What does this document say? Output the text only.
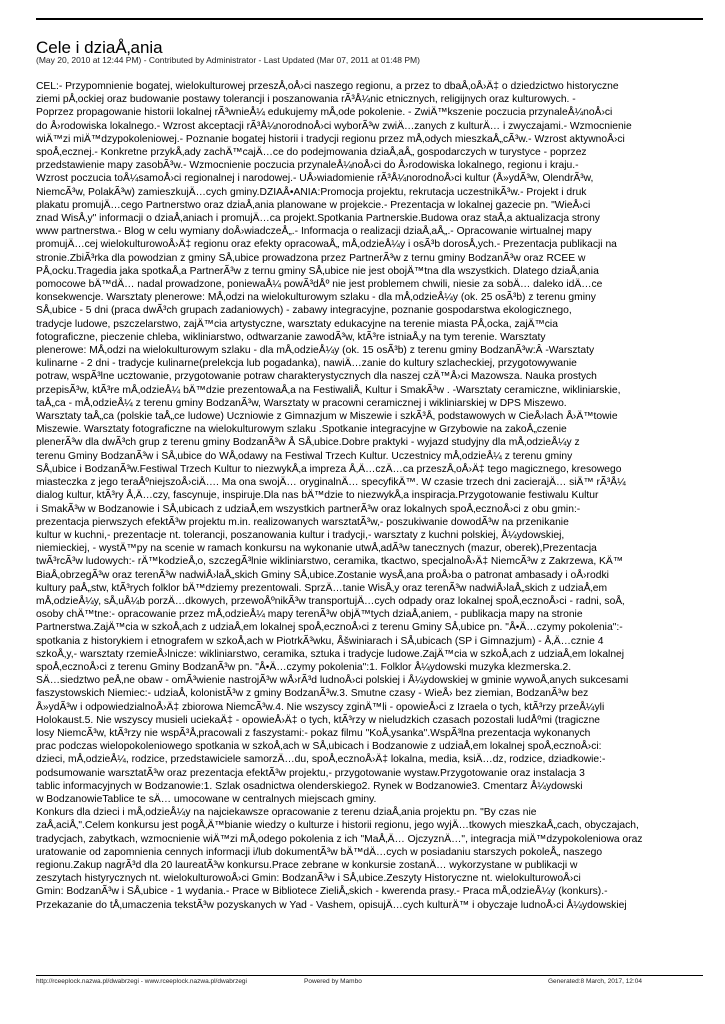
Cele i dziaÅ‚ania
(May 20, 2010 at 12:44 PM) - Contributed by Administrator - Last Updated (Mar 07, 2011 at 01:48 PM)

CEL:- Przypomnienie bogatej, wielokulturowej przeszÅ‚oÅ›ci naszego regionu, a przez to dbaÅ‚oÅ›Ä‡ o dziedzictwo historyczne

ziemi pÅ‚ockiej oraz budowanie postawy tolerancji i poszanowania rÃ³Å¼nic etnicznych, religijnych oraz kulturowych. -

Poprzez propagowanie historii lokalnej rÃ³wnieÅ¼ edukujemy mÅ‚ode pokolenie. - ZwiÄ™kszenie poczucia przynaleÅ¼noÅ›ci

do Å›rodowiska lokalnego.- Wzrost akceptacji rÃ³Å¼norodnoÅ›ci wyborÃ³w zwiÄ…zanych z kulturÄ… i zwyczajami.- Wzmocnienie

wiÄ™zi miÄ™dzypokoleniowej.- Poznanie bogatej historii i tradycji regionu przez mÅ‚odych mieszkaÅ„cÃ³w.- Wzrost aktywnoÅ›ci

spoÅ‚ecznej.- Konkretne przykÅ‚ady zachÄ™cajÄ…ce do podejmowania dziaÅ‚aÅ„ gospodarczych w turystyce - poprzez

przedstawienie mapy zasobÃ³w.- Wzmocnienie poczucia przynaleÅ¼noÅ›ci do Å›rodowiska lokalnego, regionu i kraju.-

Wzrost poczucia toÅ¼samoÅ›ci regionalnej i narodowej.- UÅ›wiadomienie rÃ³Å¼norodnoÅ›ci kultur (Å»ydÃ³w, OlendrÃ³w,

NiemcÃ³w, PolakÃ³w) zamieszkujÄ…cych gminy.DZIAÅ•ANIA:Promocja projektu, rekrutacja uczestnikÃ³w.- Projekt i druk

plakatu promujÄ…cego Partnerstwo oraz dziaÅ‚ania planowane w projekcie.- Prezentacja w lokalnej gazecie pn. "WieÅ›ci

znad WisÅ‚y" informacji o dziaÅ‚aniach i promujÄ…ca projekt.Spotkania Partnerskie.Budowa oraz staÅ‚a aktualizacja strony

www partnerstwa.- Blog w celu wymiany doÅ›wiadczeÅ„.- Informacja o realizacji dziaÅ‚aÅ„.- Opracowanie wirtualnej mapy

promujÄ…cej wielokulturowoÅ›Ä‡ regionu oraz efekty opracowaÅ„ mÅ‚odzieÅ¼y i osÃ³b dorosÅ‚ych.- Prezentacja publikacji na

stronie.ZbiÃ³rka dla powodzian z gminy SÅ‚ubice prowadzona przez PartnerÃ³w z ternu gminy BodzanÃ³w oraz RCEE w

PÅ‚ocku.Tragedia jaka spotkaÅ‚a PartnerÃ³w z ternu gminy SÅ‚ubice nie jest obojÄ™tna dla wszystkich. Dlatego dziaÅ‚ania

pomocowe bÄ™dÄ… nadal prowadzone, poniewaÅ¼ powÃ³dÅº nie jest problemem chwili, niesie za sobÄ… daleko idÄ…ce

konsekwencje. Warsztaty plenerowe: MÅ‚odzi na wielokulturowym szlaku - dla mÅ‚odzieÅ¼y (ok. 25 osÃ³b) z terenu gminy

SÅ‚ubice - 5 dni (praca dwÃ³ch grupach zadaniowych) - zabawy integracyjne, poznanie gospodarstwa ekologicznego,

tradycje ludowe, pszczelarstwo, zajÄ™cia artystyczne, warsztaty edukacyjne na terenie miasta PÅ‚ocka, zajÄ™cia

fotograficzne, pieczenie chleba, wikliniarstwo, odtwarzanie zawodÃ³w, ktÃ³re istniaÅ‚y na tym terenie. Warsztaty

plenerowe: MÅ‚odzi na wielokulturowym szlaku - dla mÅ‚odzieÅ¼y (ok. 15 osÃ³b) z terenu gminy BodzanÃ³w:Â -Warsztaty

kulinarne - 2 dni - tradycje kulinarne(prelekcja lub pogadanka), nawiÄ…zanie do kultury szlacheckiej, przygotowywanie

potraw, wspÃ³lne ucztowanie, przygotowanie potraw charakterystycznych dla naszej czÄ™Å›ci Mazowsza. Nauka prostych

przepisÃ³w, ktÃ³re mÅ‚odzieÅ¼ bÄ™dzie prezentowaÅ‚a na FestiwaliÅ‚ Kultur i SmakÃ³w . -Warsztaty ceramiczne, wikliniarskie,

taÅ„ca - mÅ‚odzieÅ¼ z terenu gminy BodzanÃ³w, Warsztaty w pracowni ceramicznej i wikliniarskiej w DPS Miszewo.

Warsztaty taÅ„ca (polskie taÅ„ce ludowe) Uczniowie z Gimnazjum w Miszewie i szkÃ³Å‚ podstawowych w CieÅ›lach Å›Ä™towie

Miszewie. Warsztaty fotograficzne na wielokulturowym szlaku .Spotkanie integracyjne w Grzybowie na zakoÅ„czenie

plenerÃ³w dla dwÃ³ch grup z terenu gminy BodzanÃ³w Å SÅ‚ubice.Dobre praktyki - wyjazd studyjny dla mÅ‚odzieÅ¼y z

terenu Gminy BodzanÃ³w i SÅ‚ubice do WÅ‚odawy na Festiwal Trzech Kultur. Uczestnicy mÅ‚odzieÅ¼ z terenu gminy

SÅ‚ubice i BodzanÃ³w.Festiwal Trzech Kultur to niezwykÅ‚a impreza Å‚Ä…czÄ…ca przeszÅ‚oÅ›Ä‡ tego magicznego, kresowego

miasteczka z jego teraÅºniejszoÅ›ciÄ…. Ma ona swojÄ… oryginalnÄ… specyfikÄ™. W czasie trzech dni zacierajÄ… siÄ™ rÃ³Å¼

dialog kultur, ktÃ³ry Å‚Ä…czy, fascynuje, inspiruje.Dla nas bÄ™dzie to niezwykÅ‚a inspiracja.Przygotowanie festiwalu Kultur

i SmakÃ³w w Bodzanowie i SÅ‚ubicach z udziaÅ‚em wszystkich partnerÃ³w oraz lokalnych spoÅ‚ecznoÅ›ci z obu gmin:-

prezentacja pierwszych efektÃ³w projektu m.in. realizowanych warsztatÃ³w,- poszukiwanie dowodÃ³w na przenikanie

kultur w kuchni,- prezentacje nt. tolerancji, poszanowania kultur i tradycji,- warsztaty z kuchni polskiej, Å¼ydowskiej,

niemieckiej, - wystÄ™py na scenie w ramach konkursu na wykonanie utwÅ‚adÃ³w tanecznych (mazur, oberek),Prezentacja

twÃ³rcÃ³w ludowych:- rÄ™kodzieÅ‚o, szczegÃ³lnie wikliniarstwo, ceramika, tkactwo, specjalnoÅ›Ä‡ NiemcÃ³w z Zakrzewa, KÄ™

BiaÅ‚obrzegÃ³w oraz terenÃ³w nadwiÅ›laÅ„skich Gminy SÅ‚ubice.Zostanie wysÅ‚ana proÅ›ba o patronat ambasady i oÅ›rodki

kultury paÅ„stw, ktÃ³rych folklor bÄ™dziemy prezentowali. SprzÄ…tanie WisÅ‚y oraz terenÃ³w nadwiÅ›laÅ„skich z udziaÅ‚em

mÅ‚odzieÅ¼y, sÅ‚uÅ¼b porzÄ…dkowych, przewoÅºnikÃ³w transportujÄ…cych odpady oraz lokalnej spoÅ‚ecznoÅ›ci - radni, soÅ‚

osoby chÄ™tne:- opracowanie przez mÅ‚odzieÅ¼ mapy terenÃ³w objÄ™tych dziaÅ‚aniem, - publikacja mapy na stronie

Partnerstwa.ZajÄ™cia w szkoÅ‚ach z udziaÅ‚em lokalnej spoÅ‚ecznoÅ›ci z terenu Gminy SÅ‚ubice pn. "Å•Ä…czymy pokolenia":-

spotkania z historykiem i etnografem w szkoÅ‚ach w PiotrkÃ³wku, Åšwiniarach i SÅ‚ubicach (SP i Gimnazjum) - Å‚Ä…cznie 4

szkoÅ‚y,- warsztaty rzemieÅ›lnicze: wikliniarstwo, ceramika, sztuka i tradycje ludowe.ZajÄ™cia w szkoÅ‚ach z udziaÅ‚em lokalnej

spoÅ‚ecznoÅ›ci z terenu Gminy BodzanÃ³w pn. "Å•Ä…czymy pokolenia":1. Folklor Å¼ydowski muzyka klezmerska.2.

SÄ…siedztwo peÅ‚ne obaw - omÃ³wienie nastrojÃ³w wÅ›rÃ³d ludnoÅ›ci polskiej i Å¼ydowskiej w gminie wywoÅ‚anych sukcesami

faszystowskich Niemiec:- udziaÅ‚ kolonistÃ³w z gminy BodzanÃ³w.3. Smutne czasy - WieÅ› bez ziemian, BodzanÃ³w bez

Å»ydÃ³w i odpowiedzialnoÅ›Ä‡ zbiorowa NiemcÃ³w.4. Nie wszyscy zginÄ™li - opowieÅ›ci z Izraela o tych, ktÃ³rzy przeÅ¼yli

Holokaust.5. Nie wszyscy musieli uciekaÄ‡ - opowieÅ›Ä‡ o tych, ktÃ³rzy w nieludzkich czasach pozostali ludÅºmi (tragiczne

losy NiemcÃ³w, ktÃ³rzy nie wspÃ³Å‚pracowali z faszystami:- pokaz filmu "KoÅ‚ysanka".WspÃ³lna prezentacja wykonanych

prac podczas wielopokoleniowego spotkania w szkoÅ‚ach w SÅ‚ubicach i Bodzanowie z udziaÅ‚em lokalnej spoÅ‚ecznoÅ›ci:

dzieci, mÅ‚odzieÅ¼, rodzice, przedstawiciele samorzÄ…du, spoÅ‚ecznoÅ›Ä‡ lokalna, media, ksiÄ…dz, rodzice, dziadkowie:-

podsumowanie warsztatÃ³w oraz prezentacja efektÃ³w projektu,- przygotowanie wystaw.Przygotowanie oraz instalacja 3

tablic informacyjnych w Bodzanowie:1. Szlak osadnictwa olenderskiego2. Rynek w Bodzanowie3. Cmentarz Å¼ydowski

w BodzanowieTablice te sÄ… umocowane w centralnych miejscach gminy.

Konkurs dla dzieci i mÅ‚odzieÅ¼y na najciekawsze opracowanie z terenu dziaÅ‚ania projektu pn. "By czas nie

zaÅ‚aciÅ‚".Celem konkursu jest pogÅ‚Ä™bianie wiedzy o kulturze i historii regionu, jego wyjÄ…tkowych mieszkaÅ„cach, obyczajach,

tradycjach, zabytkach, wzmocnienie wiÄ™zi mÅ‚odego pokolenia z ich "MaÅ‚Ä… OjczyznÄ…", integracja miÄ™dzypokoleniowa oraz

uratowanie od zapomnienia cennych informacji i/lub dokumentÃ³w bÄ™dÄ…cych w posiadaniu starszych pokoleÅ„ naszego

regionu.Zakup nagrÃ³d dla 20 laureatÃ³w konkursu.Prace zebrane w konkursie zostanÄ… wykorzystane w publikacji w

zeszytach histyrycznych nt. wielokulturowoÅ›ci Gmin: BodzanÃ³w i SÅ‚ubice.Zeszyty Historyczne nt. wielokulturowoÅ›ci

Gmin: BodzanÃ³w i SÅ‚ubice - 1 wydania.- Prace w Bibliotece ZieliÅ„skich - kwerenda prasy.- Praca mÅ‚odzieÅ¼y (konkurs).-

Przekazanie do tÅ‚umaczenia tekstÃ³w pozyskanych w Yad - Vashem, opisujÄ…cych kulturÄ™ i obyczaje ludnoÅ›ci Å¼ydowskiej

http://rceeplock.nazwa.pl/dwabrzegi - www.rceeplock.nazwa.pl/dwabrzegi	Powered by Mambo	Generated:8 March, 2017, 12:04
